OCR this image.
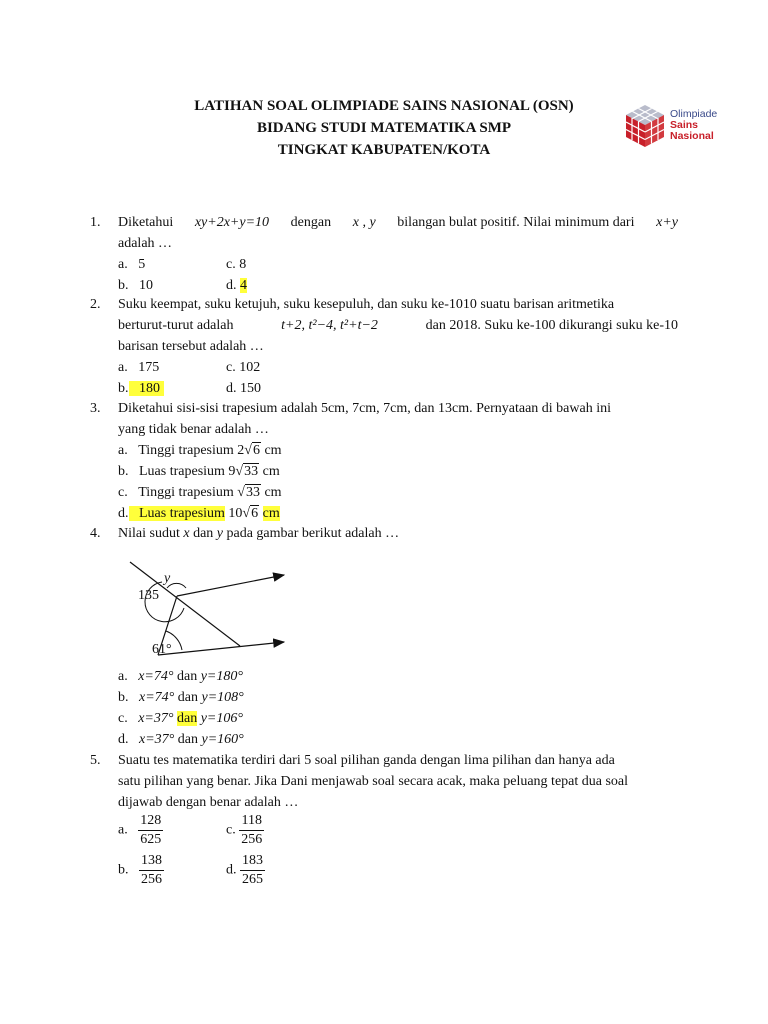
LATIHAN SOAL OLIMPIADE SAINS NASIONAL (OSN)
BIDANG STUDI MATEMATIKA SMP
TINGKAT KABUPATEN/KOTA
Olimpiade
Sains
Nasional
1. Diketahui xy+2x+y=10 dengan x , y bilangan bulat positif. Nilai minimum dari x+y
adalah …
a. 5	c. 8
b. 10	d. 4
2. Suku keempat, suku ketujuh, suku kesepuluh, dan suku ke-1010 suatu barisan aritmetika
berturut-turut adalah	t+2, t²−4, t²+t−2	dan 2018. Suku ke-100 dikurangi suku ke-10
barisan tersebut adalah …
a. 175	c. 102
b. 180	d. 150
3. Diketahui sisi-sisi trapesium adalah 5cm, 7cm, 7cm, dan 13cm. Pernyataan di bawah ini
yang tidak benar adalah …
a. Tinggi trapesium 2√6 cm
b. Luas trapesium 9√33 cm
c. Tinggi trapesium √33 cm
d. Luas trapesium 10√6 cm
4. Nilai sudut x dan y pada gambar berikut adalah …
y
135
61°
a. x=74° dan y=180°
b. x=74° dan y=108°
c. x=37° dan y=106°
d. x=37° dan y=160°
5. Suatu tes matematika terdiri dari 5 soal pilihan ganda dengan lima pilihan dan hanya ada
satu pilihan yang benar. Jika Dani menjawab soal secara acak, maka peluang tepat dua soal
dijawab dengan benar adalah …
a. $\frac{128}{625}$	c. $\frac{118}{256}$
b. $\frac{138}{256}$	d. $\frac{183}{265}$
